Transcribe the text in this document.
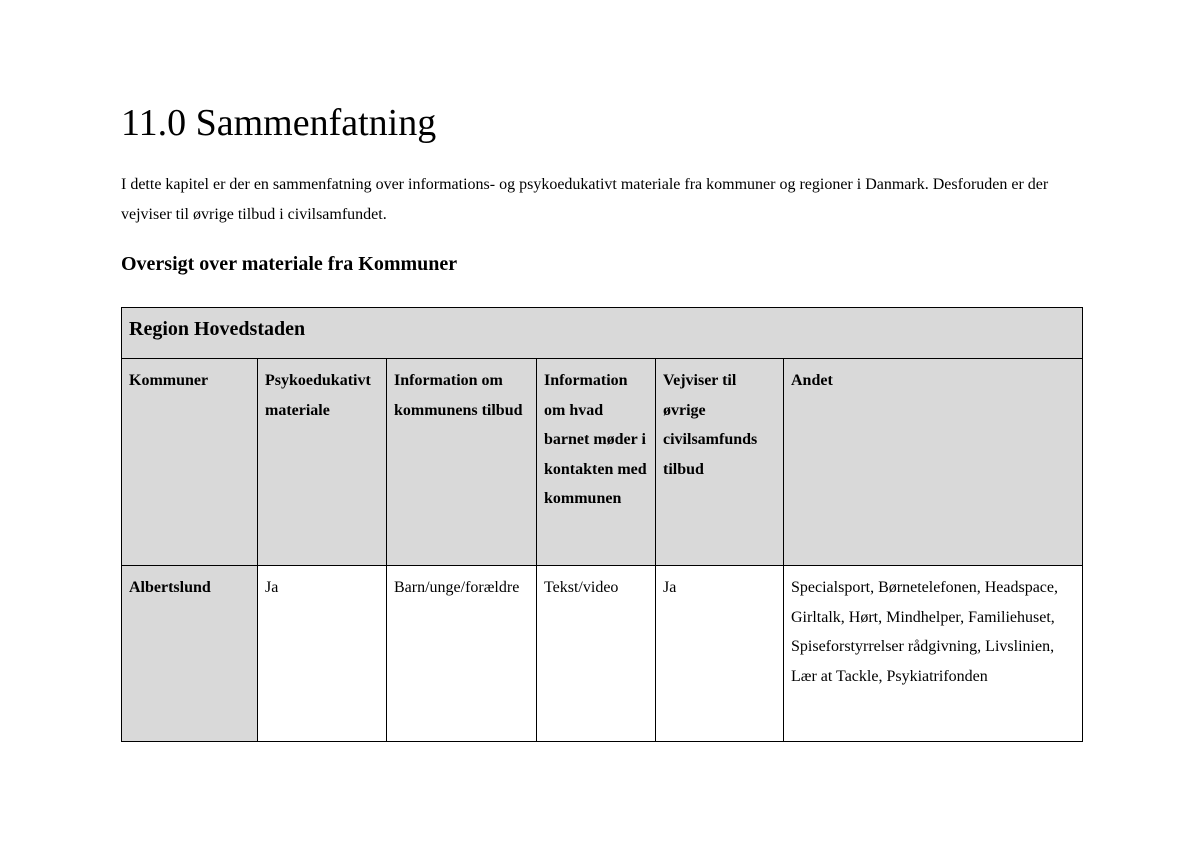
11.0 Sammenfatning

I dette kapitel er der en sammenfatning over informations- og psykoedukativt materiale fra kommuner og regioner i Danmark. Desforuden er der vejviser til øvrige tilbud i civilsamfundet.

Oversigt over materiale fra Kommuner
Region Hovedstaden					
Kommuner	Psykoedukativt materiale	Information om kommunens tilbud	Information om hvad barnet møder i kontakten med kommunen	Vejviser til øvrige civilsamfunds tilbud	Andet
Albertslund	Ja	Barn/unge/forældre	Tekst/video	Ja	Specialsport, Børnetelefonen, Headspace, Girltalk, Hørt, Mindhelper, Familiehuset, Spiseforstyrrelser rådgivning, Livslinien, Lær at Tackle, Psykiatrifonden
